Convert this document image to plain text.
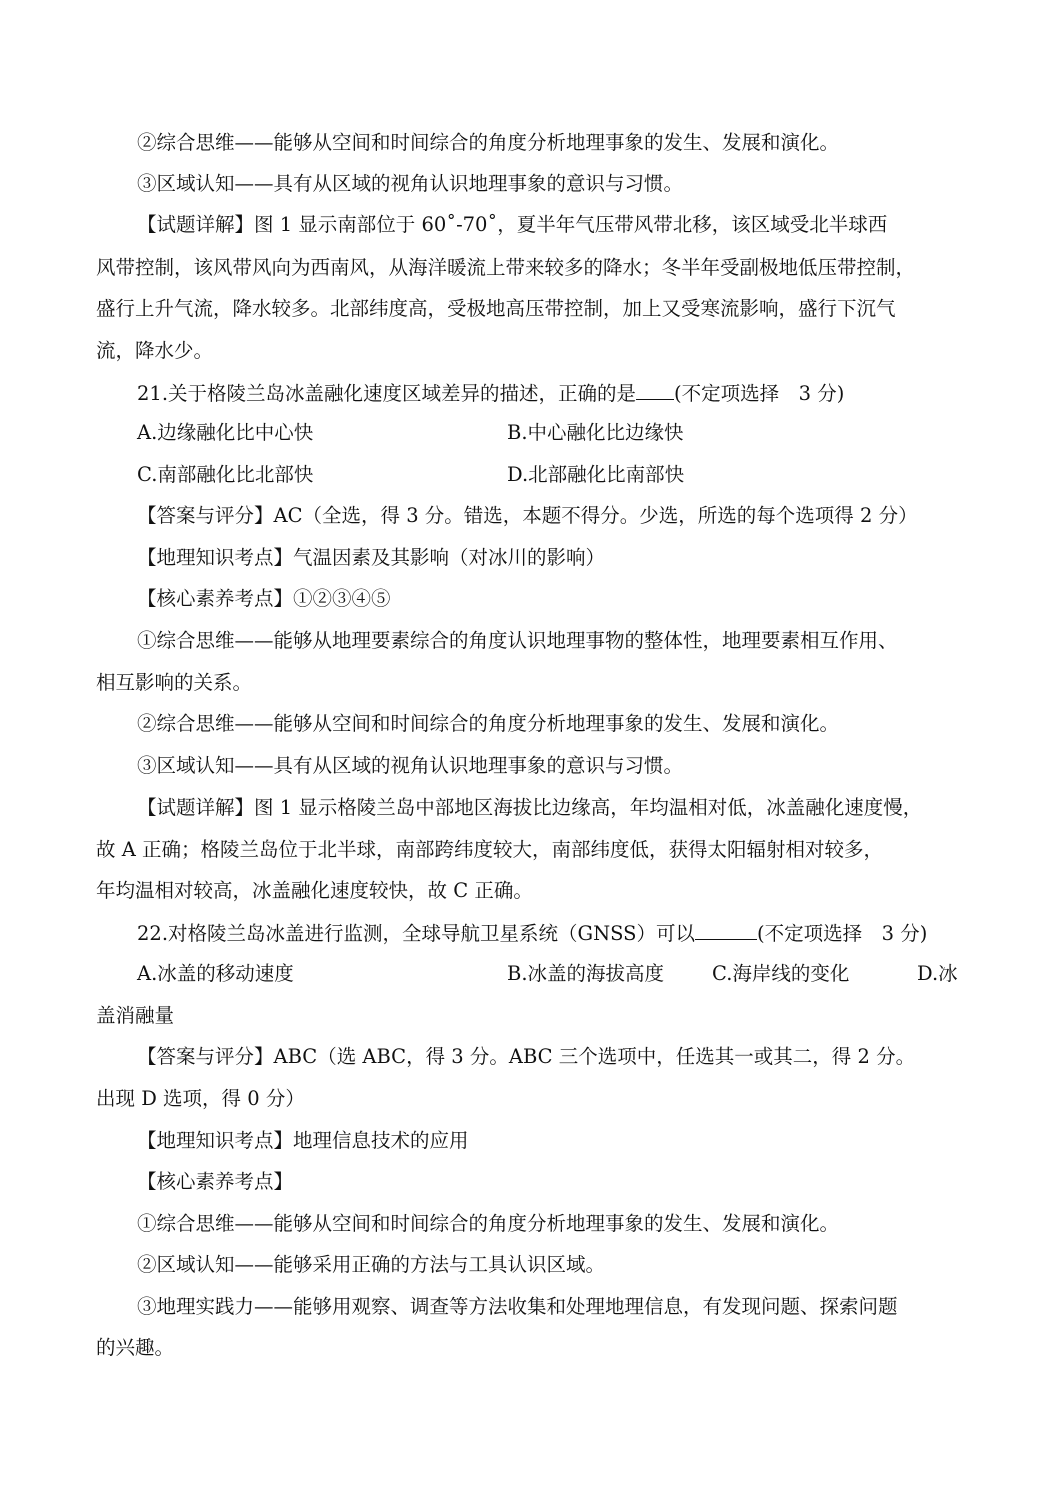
②综合思维——能够从空间和时间综合的角度分析地理事象的发生、发展和演化。
③区域认知——具有从区域的视角认识地理事象的意识与习惯。
【试题详解】图 1 显示南部位于 60˚-70˚，夏半年气压带风带北移，该区域受北半球西
风带控制，该风带风向为西南风，从海洋暖流上带来较多的降水；冬半年受副极地低压带控制，
盛行上升气流，降水较多。北部纬度高，受极地高压带控制，加上又受寒流影响，盛行下沉气
流，降水少。
21.关于格陵兰岛冰盖融化速度区域差异的描述，正确的是 (不定项选择　3 分)
A.边缘融化比中心快	B.中心融化比边缘快
C.南部融化比北部快	D.北部融化比南部快
【答案与评分】AC（全选，得 3 分。错选，本题不得分。少选，所选的每个选项得 2 分）
【地理知识考点】气温因素及其影响（对冰川的影响）
【核心素养考点】①②③④⑤
①综合思维——能够从地理要素综合的角度认识地理事物的整体性，地理要素相互作用、
相互影响的关系。
②综合思维——能够从空间和时间综合的角度分析地理事象的发生、发展和演化。
③区域认知——具有从区域的视角认识地理事象的意识与习惯。
【试题详解】图 1 显示格陵兰岛中部地区海拔比边缘高，年均温相对低，冰盖融化速度慢，
故 A 正确；格陵兰岛位于北半球，南部跨纬度较大，南部纬度低，获得太阳辐射相对较多，
年均温相对较高，冰盖融化速度较快，故 C 正确。
22.对格陵兰岛冰盖进行监测，全球导航卫星系统（GNSS）可以	(不定项选择　3 分)
A.冰盖的移动速度	B.冰盖的海拔高度 C.海岸线的变化	D.冰
盖消融量
【答案与评分】ABC（选 ABC，得 3 分。ABC 三个选项中，任选其一或其二，得 2 分。
出现 D 选项，得 0 分）
【地理知识考点】地理信息技术的应用
【核心素养考点】
①综合思维——能够从空间和时间综合的角度分析地理事象的发生、发展和演化。
②区域认知——能够采用正确的方法与工具认识区域。
③地理实践力——能够用观察、调查等方法收集和处理地理信息，有发现问题、探索问题
的兴趣。
